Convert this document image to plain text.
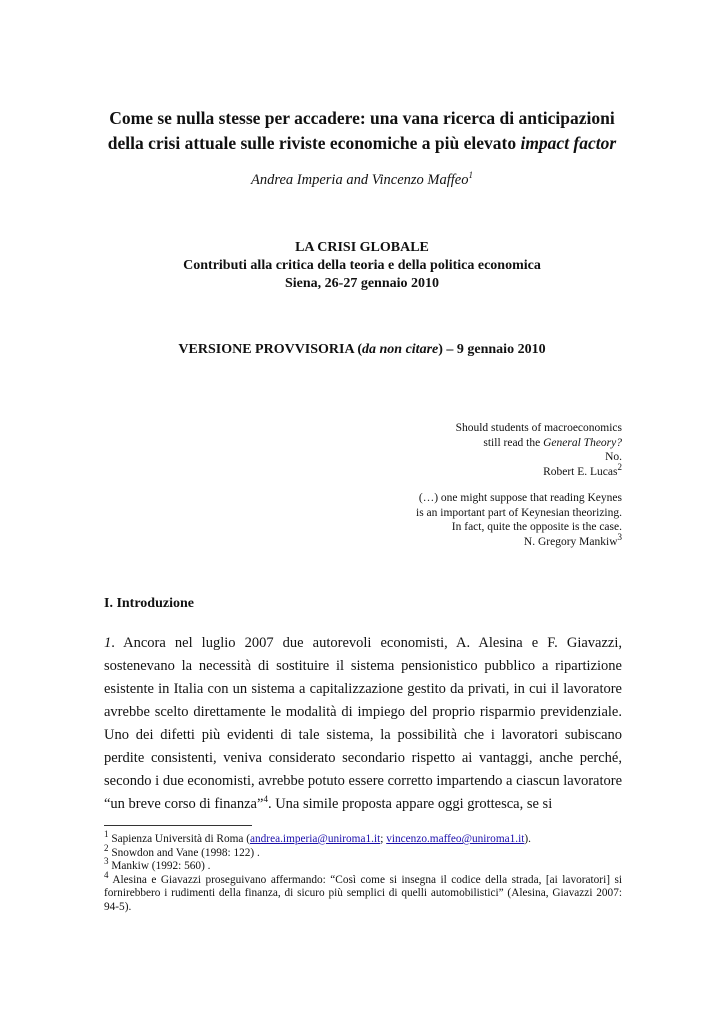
Come se nulla stesse per accadere: una vana ricerca di anticipazioni
della crisi attuale sulle riviste economiche a più elevato impact factor
Andrea Imperia and Vincenzo Maffeo$^1$
LA CRISI GLOBALE
Contributi alla critica della teoria e della politica economica
Siena, 26-27 gennaio 2010
VERSIONE PROVVISORIA (da non citare) – 9 gennaio 2010
Should students of macroeconomics
still read the General Theory?
No.
Robert E. Lucas$^2$
(…) one might suppose that reading Keynes
is an important part of Keynesian theorizing.
In fact, quite the opposite is the case.
N. Gregory Mankiw$^3$
I. Introduzione
1. Ancora nel luglio 2007 due autorevoli economisti, A. Alesina e F. Giavazzi, sostenevano la necessità di sostituire il sistema pensionistico pubblico a ripartizione esistente in Italia con un sistema a capitalizzazione gestito da privati, in cui il lavoratore avrebbe scelto direttamente le modalità di impiego del proprio risparmio previdenziale. Uno dei difetti più evidenti di tale sistema, la possibilità che i lavoratori subiscano perdite consistenti, veniva considerato secondario rispetto ai vantaggi, anche perché, secondo i due economisti, avrebbe potuto essere corretto impartendo a ciascun lavoratore “un breve corso di finanza”$^4$. Una simile proposta appare oggi grottesca, se si

$^1$ Sapienza Università di Roma (andrea.imperia@uniroma1.it; vincenzo.maffeo@uniroma1.it).

$^2$ Snowdon and Vane (1998: 122) .

$^3$ Mankiw (1992: 560) .

$^4$ Alesina e Giavazzi proseguivano affermando: “Così come si insegna il codice della strada, [ai lavoratori] si fornirebbero i rudimenti della finanza, di sicuro più semplici di quelli automobilistici” (Alesina, Giavazzi 2007: 94-5).
